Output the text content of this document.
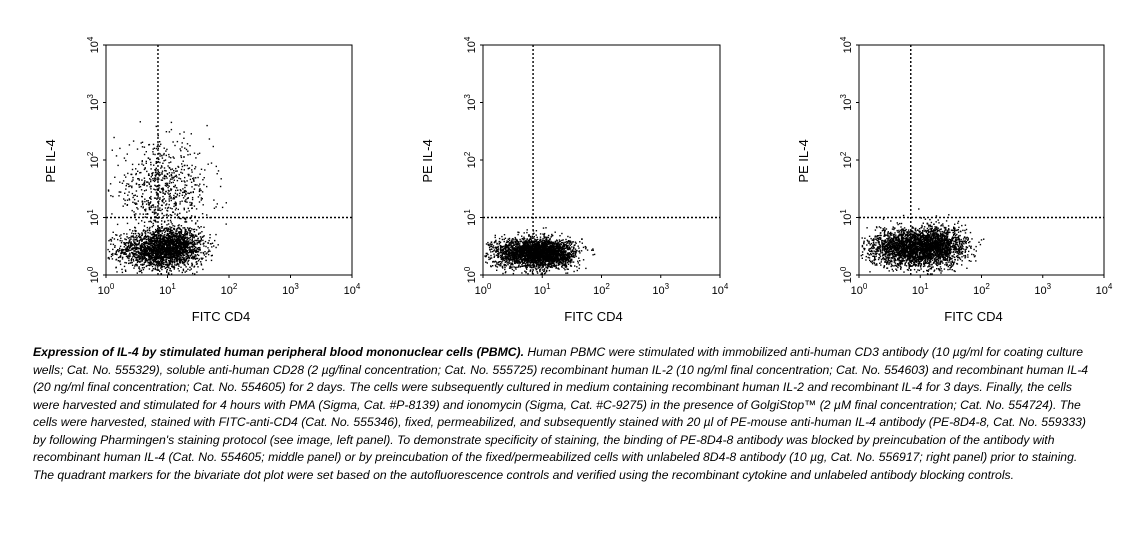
$10^0$	$10^1$	$10^2$	$10^3$	$10^4$
$10^0$
$10^1$
$10^2$
$10^3$
$10^4$
FITC CD4
PE IL-4
$10^0$	$10^1$	$10^2$	$10^3$	$10^4$
$10^0$
$10^1$
$10^2$
$10^3$
$10^4$
FITC CD4
PE IL-4
$10^0$	$10^1$	$10^2$	$10^3$	$10^4$
$10^0$
$10^1$
$10^2$
$10^3$
$10^4$
FITC CD4
PE IL-4
Expression of IL-4 by stimulated human peripheral blood mononuclear cells (PBMC). Human PBMC were stimulated with immobilized anti-human CD3 antibody (10 µg/ml for coating culture wells; Cat. No. 555329), soluble anti-human CD28 (2 µg/final concentration; Cat. No. 555725) recombinant human IL-2 (10 ng/ml final concentration; Cat. No. 554603) and recombinant human IL-4 (20 ng/ml final concentration; Cat. No. 554605) for 2 days. The cells were subsequently cultured in medium containing recombinant human IL-2 and recombinant IL-4 for 3 days. Finally, the cells were harvested and stimulated for 4 hours with PMA (Sigma, Cat. #P-8139) and ionomycin (Sigma, Cat. #C-9275) in the presence of GolgiStop™ (2 µM final concentration; Cat. No. 554724). The cells were harvested, stained with FITC-anti-CD4 (Cat. No. 555346), fixed, permeabilized, and subsequently stained with 20 µl of PE-mouse anti-human IL-4 antibody (PE-8D4-8, Cat. No. 559333) by following Pharmingen's staining protocol (see image, left panel). To demonstrate specificity of staining, the binding of PE-8D4-8 antibody was blocked by preincubation of the antibody with recombinant human IL-4 (Cat. No. 554605; middle panel) or by preincubation of the fixed/permeabilized cells with unlabeled 8D4-8 antibody (10 µg, Cat. No. 556917; right panel) prior to staining. The quadrant markers for the bivariate dot plot were set based on the autofluorescence controls and verified using the recombinant cytokine and unlabeled antibody blocking controls.
